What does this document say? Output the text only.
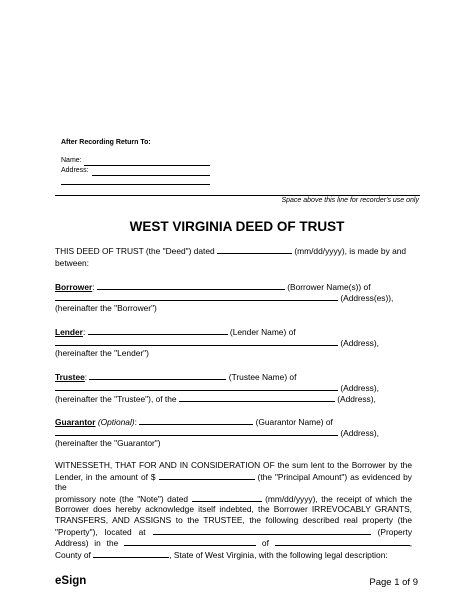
After Recording Return To:
Name:
Address:
Space above this line for recorder's use only
WEST VIRGINIA DEED OF TRUST
THIS DEED OF TRUST (the "Deed") dated	(mm/dd/yyyy), is made by and
between:
Borrower:	(Borrower Name(s)) of
(Address(es)),
(hereinafter the "Borrower")
Lender:	(Lender Name) of
(Address),
(hereinafter the "Lender")
Trustee:	(Trustee Name) of
(Address),
(hereinafter the "Trustee"), of the	(Address),
Guarantor (Optional):	(Guarantor Name) of
(Address),
(hereinafter the "Guarantor")

WITNESSETH, THAT FOR AND IN CONSIDERATION OF the sum lent to the Borrower by the

Lender, in the amount of $	(the "Principal Amount") as evidenced by the

promissory note (the "Note") dated	(mm/dd/yyyy), the receipt of which the

Borrower does hereby acknowledge itself indebted, the Borrower IRREVOCABLY GRANTS,

TRANSFERS, AND ASSIGNS to the TRUSTEE, the following described real property (the

"Property"), located at	(Property

Address) in the	of	,

County of	, State of West Virginia, with the following legal description:

eSign	Page 1 of 9
